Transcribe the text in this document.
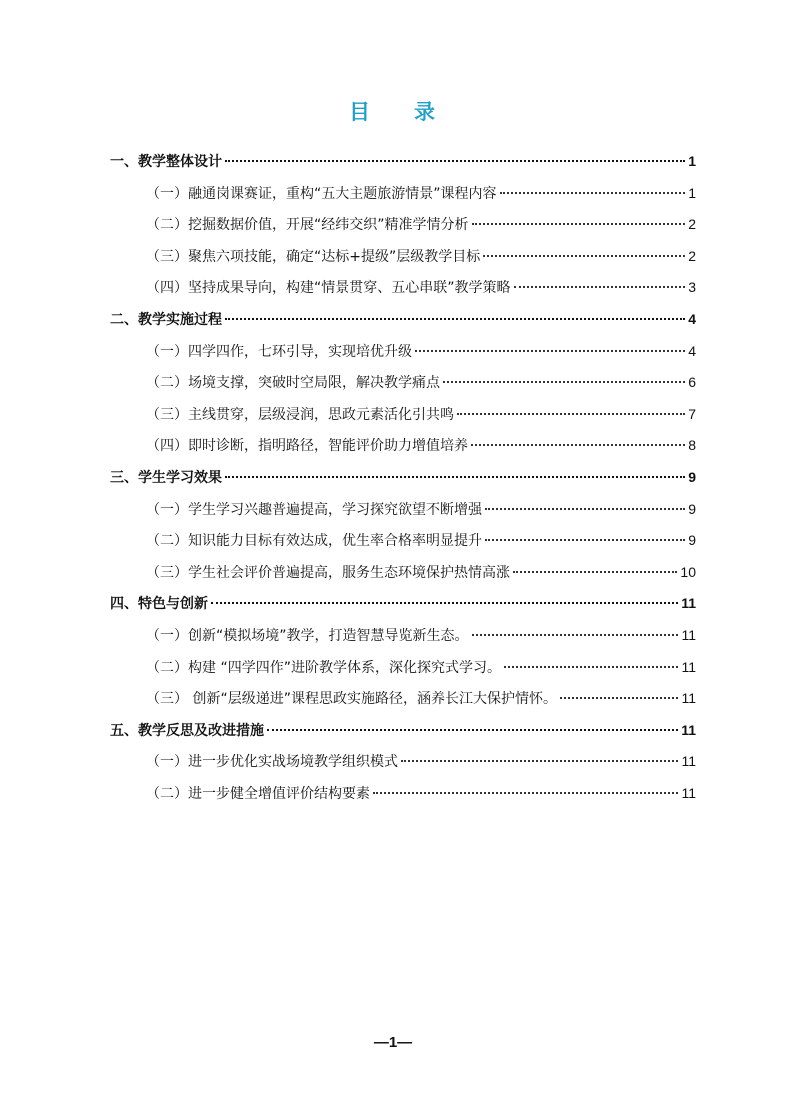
目 录
一、教学整体设计	1
（一）融通岗课赛证，重构“五大主题旅游情景”课程内容	1
（二）挖掘数据价值，开展“经纬交织”精准学情分析	2
（三）聚焦六项技能，确定“达标+提级”层级教学目标	2
（四）坚持成果导向，构建“情景贯穿、五心串联”教学策略	3
二、教学实施过程	4
（一）四学四作，七环引导，实现培优升级	4
（二）场境支撑，突破时空局限，解决教学痛点	6
（三）主线贯穿，层级浸润，思政元素活化引共鸣	7
（四）即时诊断，指明路径，智能评价助力增值培养	8
三、学生学习效果	9
（一）学生学习兴趣普遍提高，学习探究欲望不断增强	9
（二）知识能力目标有效达成，优生率合格率明显提升	9
（三）学生社会评价普遍提高，服务生态环境保护热情高涨	10
四、特色与创新	11
（一）创新“模拟场境”教学，打造智慧导览新生态。	11
（二）构建 “四学四作”进阶教学体系，深化探究式学习。	11
（三） 创新“层级递进”课程思政实施路径，涵养长江大保护情怀。	11
五、教学反思及改进措施	11
（一）进一步优化实战场境教学组织模式	11
（二）进一步健全增值评价结构要素	11
—1—
